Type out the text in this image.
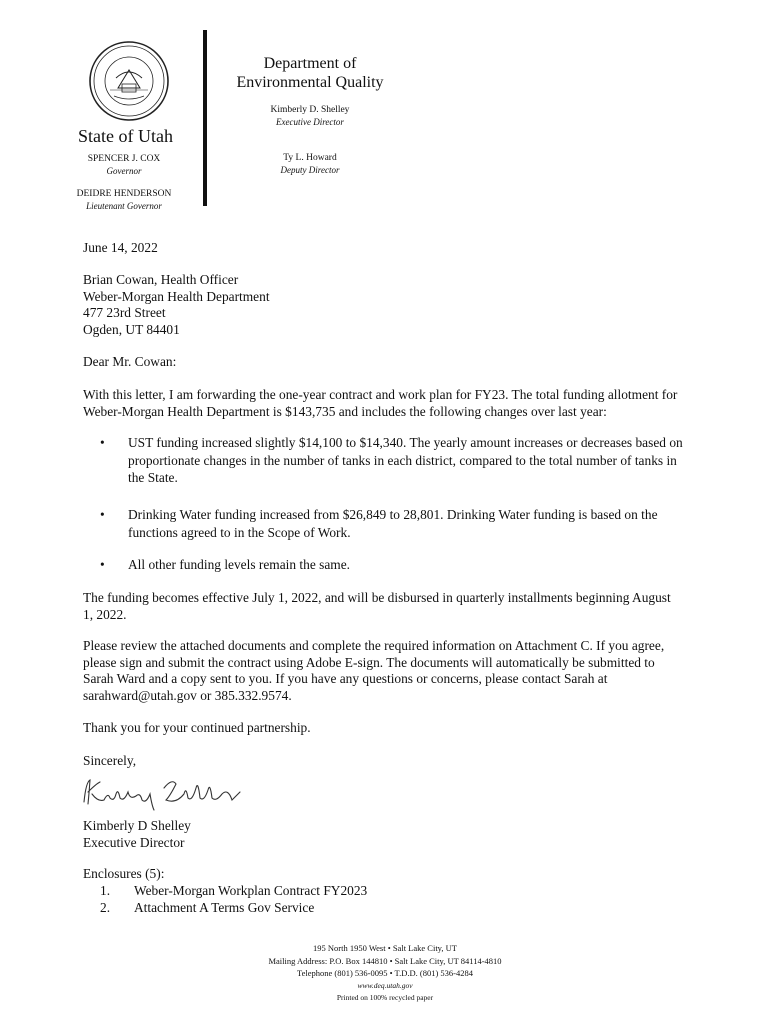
State of Utah
SPENCER J. COX
Governor
DEIDRE HENDERSON
Lieutenant Governor
Department of
Environmental Quality
Kimberly D. Shelley
Executive Director
Ty L. Howard
Deputy Director
June 14, 2022
Brian Cowan, Health Officer
Weber-Morgan Health Department
477 23rd Street
Ogden, UT 84401
Dear Mr. Cowan:
With this letter, I am forwarding the one-year contract and work plan for FY23. The total funding allotment for Weber-Morgan Health Department is $143,735 and includes the following changes over last year:
• UST funding increased slightly $14,100 to $14,340. The yearly amount increases or decreases based on proportionate changes in the number of tanks in each district, compared to the total number of tanks in the State.
• Drinking Water funding increased from $26,849 to 28,801. Drinking Water funding is based on the functions agreed to in the Scope of Work.
• All other funding levels remain the same.
The funding becomes effective July 1, 2022, and will be disbursed in quarterly installments beginning August 1, 2022.
Please review the attached documents and complete the required information on Attachment C. If you agree, please sign and submit the contract using Adobe E-sign. The documents will automatically be submitted to Sarah Ward and a copy sent to you. If you have any questions or concerns, please contact Sarah at sarahward@utah.gov or 385.332.9574.
Thank you for your continued partnership.
Sincerely,
Kimberly D Shelley
Executive Director
Enclosures (5):
1.	Weber-Morgan Workplan Contract FY2023
2.	Attachment A Terms Gov Service
195 North 1950 West • Salt Lake City, UT
Mailing Address: P.O. Box 144810 • Salt Lake City, UT 84114-4810
Telephone (801) 536-0095 • T.D.D. (801) 536-4284
www.deq.utah.gov
Printed on 100% recycled paper
